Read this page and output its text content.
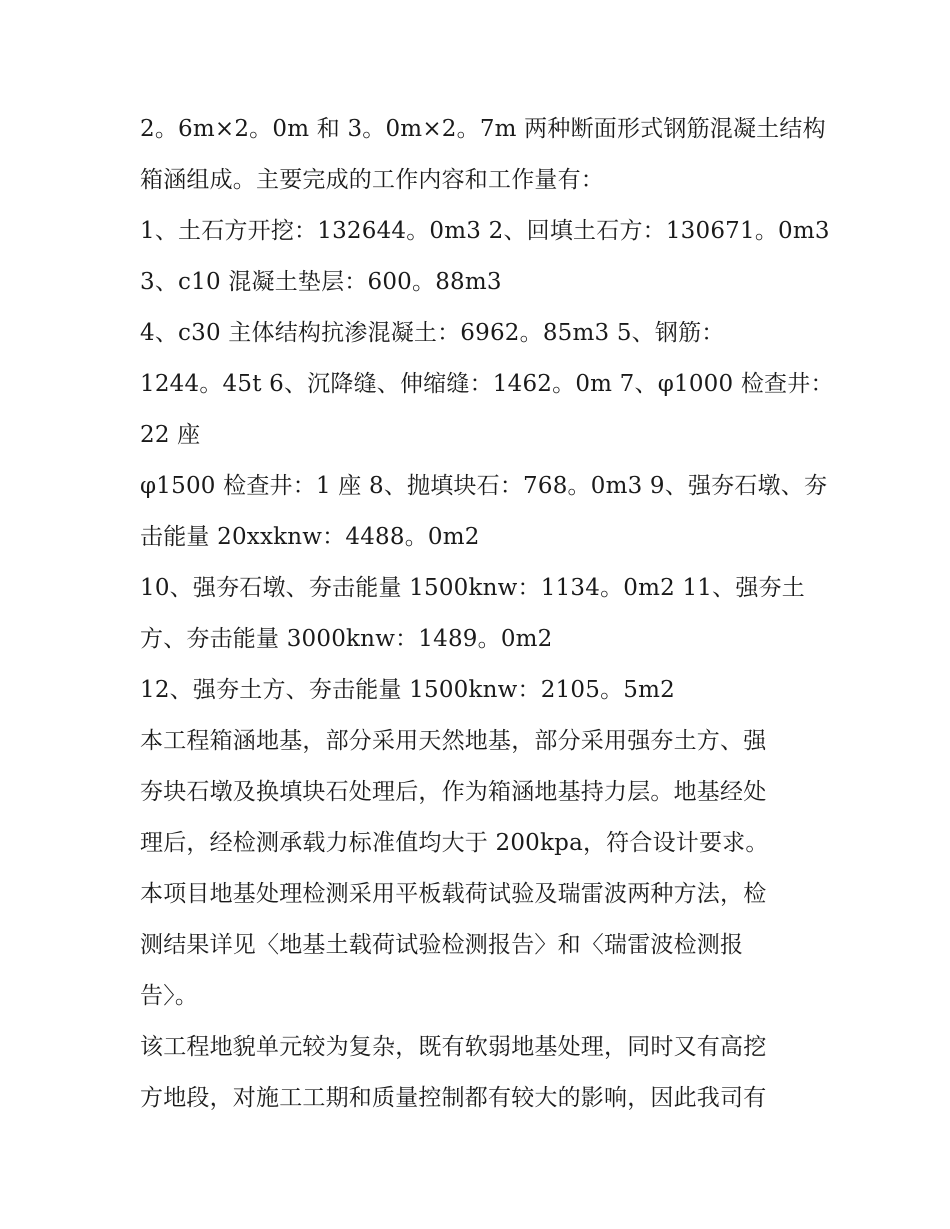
2。6m×2。0m 和 3。0m×2。7m 两种断面形式钢筋混凝土结构
箱涵组成。主要完成的工作内容和工作量有：
1、土石方开挖：132644。0m3 2、回填土石方：130671。0m3
3、c10 混凝土垫层：600。88m3
4、c30 主体结构抗渗混凝土：6962。85m3 5、钢筋：
1244。45t 6、沉降缝、伸缩缝：1462。0m 7、φ1000 检查井：
22 座
φ1500 检查井：1 座 8、抛填块石：768。0m3 9、强夯石墩、夯
击能量 20xxknw：4488。0m2
10、强夯石墩、夯击能量 1500knw：1134。0m2 11、强夯土
方、夯击能量 3000knw：1489。0m2
12、强夯土方、夯击能量 1500knw：2105。5m2
本工程箱涵地基，部分采用天然地基，部分采用强夯土方、强
夯块石墩及换填块石处理后，作为箱涵地基持力层。地基经处
理后，经检测承载力标准值均大于 200kpa，符合设计要求。
本项目地基处理检测采用平板载荷试验及瑞雷波两种方法，检
测结果详见〈地基土载荷试验检测报告〉和〈瑞雷波检测报
告〉。
该工程地貌单元较为复杂，既有软弱地基处理，同时又有高挖
方地段，对施工工期和质量控制都有较大的影响，因此我司有
